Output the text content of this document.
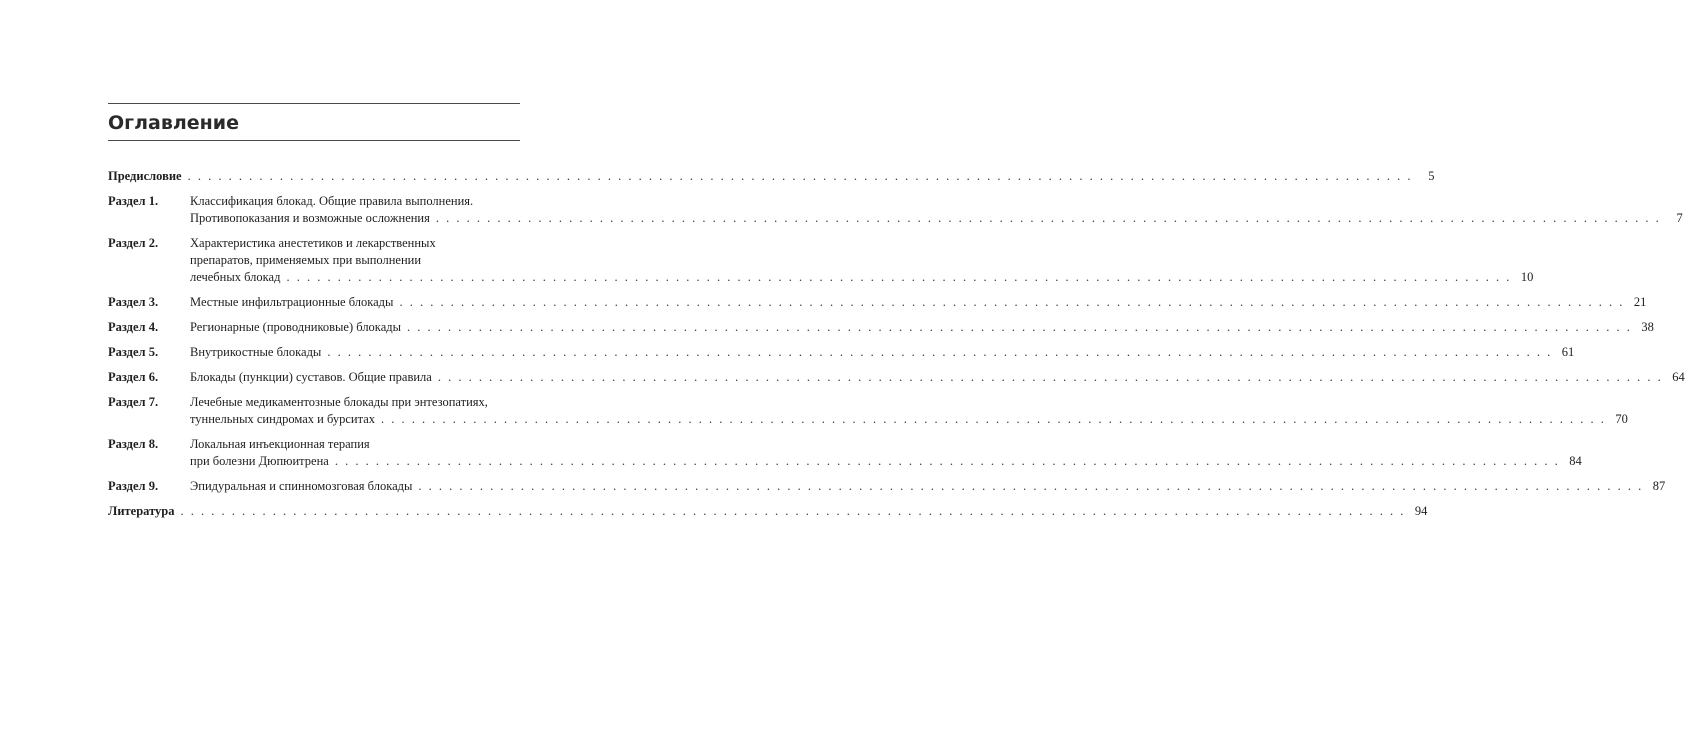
Оглавление
Предисловие . . . . . . . . . . . . . . . . . . . . . . . . . . . . . . . . . . . . . . . . . . . . . . . . . . . . . . . . . . . . . . . . . . . . . . . . . . . . . . . . . . . . . . . . . . . . . . . . . . . . . . . . . . . . . . . . . . . . . . . .	5
Раздел 1.	Классификация блокад. Общие правила выполнения.
Противопоказания и возможные осложнения . . . . . . . . . . . . . . . . . . . . . . . . . . . . . . . . . . . . . . . . . . . . . . . . . . . . . . . . . . . . . . . . . . . . . . . . . . . . . . . . . . . . . . . . . . . . . . . . . . . . . . . . . . . . . . . . . . . . . . . .	7
Раздел 2.	Характеристика анестетиков и лекарственных
препаратов, применяемых при выполнении
лечебных блокад . . . . . . . . . . . . . . . . . . . . . . . . . . . . . . . . . . . . . . . . . . . . . . . . . . . . . . . . . . . . . . . . . . . . . . . . . . . . . . . . . . . . . . . . . . . . . . . . . . . . . . . . . . . . . . . . . . . . . . . . 10
Раздел 3.	Местные инфильтрационные блокады . . . . . . . . . . . . . . . . . . . . . . . . . . . . . . . . . . . . . . . . . . . . . . . . . . . . . . . . . . . . . . . . . . . . . . . . . . . . . . . . . . . . . . . . . . . . . . . . . . . . . . . . . . . . . . . . . . . . . . . . 21
Раздел 4.	Регионарные (проводниковые) блокады . . . . . . . . . . . . . . . . . . . . . . . . . . . . . . . . . . . . . . . . . . . . . . . . . . . . . . . . . . . . . . . . . . . . . . . . . . . . . . . . . . . . . . . . . . . . . . . . . . . . . . . . . . . . . . . . . . . . . . . . 38
Раздел 5.	Внутрикостные блокады . . . . . . . . . . . . . . . . . . . . . . . . . . . . . . . . . . . . . . . . . . . . . . . . . . . . . . . . . . . . . . . . . . . . . . . . . . . . . . . . . . . . . . . . . . . . . . . . . . . . . . . . . . . . . . . . . . . . . . . . 61
Раздел 6.	Блокады (пункции) суставов. Общие правила . . . . . . . . . . . . . . . . . . . . . . . . . . . . . . . . . . . . . . . . . . . . . . . . . . . . . . . . . . . . . . . . . . . . . . . . . . . . . . . . . . . . . . . . . . . . . . . . . . . . . . . . . . . . . . . . . . . . . . . . 64
Раздел 7.	Лечебные медикаментозные блокады при энтезопатиях,
туннельных синдромах и бурситах . . . . . . . . . . . . . . . . . . . . . . . . . . . . . . . . . . . . . . . . . . . . . . . . . . . . . . . . . . . . . . . . . . . . . . . . . . . . . . . . . . . . . . . . . . . . . . . . . . . . . . . . . . . . . . . . . . . . . . . . 70
Раздел 8.	Локальная инъекционная терапия
при болезни Дюпюитрена . . . . . . . . . . . . . . . . . . . . . . . . . . . . . . . . . . . . . . . . . . . . . . . . . . . . . . . . . . . . . . . . . . . . . . . . . . . . . . . . . . . . . . . . . . . . . . . . . . . . . . . . . . . . . . . . . . . . . . . . 84
Раздел 9.	Эпидуральная и спинномозговая блокады . . . . . . . . . . . . . . . . . . . . . . . . . . . . . . . . . . . . . . . . . . . . . . . . . . . . . . . . . . . . . . . . . . . . . . . . . . . . . . . . . . . . . . . . . . . . . . . . . . . . . . . . . . . . . . . . . . . . . . . . 87
Литература . . . . . . . . . . . . . . . . . . . . . . . . . . . . . . . . . . . . . . . . . . . . . . . . . . . . . . . . . . . . . . . . . . . . . . . . . . . . . . . . . . . . . . . . . . . . . . . . . . . . . . . . . . . . . . . . . . . . . . . . 94
